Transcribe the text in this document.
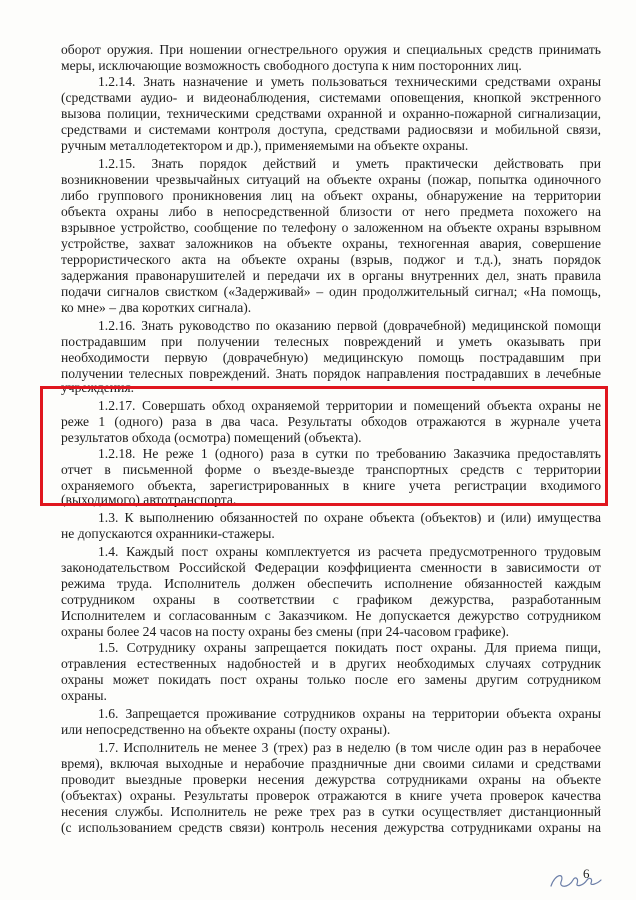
оборот оружия. При ношении огнестрельного оружия и специальных средств принимать
меры, исключающие возможность свободного доступа к ним посторонних лиц.
1.2.14. Знать назначение и уметь пользоваться техническими средствами охраны
(средствами аудио- и видеонаблюдения, системами оповещения, кнопкой экстренного
вызова полиции, техническими средствами охранной и охранно-пожарной сигнализации,
средствами и системами контроля доступа, средствами радиосвязи и мобильной связи,
ручным металлодетектором и др.), применяемыми на объекте охраны.
1.2.15. Знать порядок действий и уметь практически действовать при
возникновении чрезвычайных ситуаций на объекте охраны (пожар, попытка одиночного
либо группового проникновения лиц на объект охраны, обнаружение на территории
объекта охраны либо в непосредственной близости от него предмета похожего на
взрывное устройство, сообщение по телефону о заложенном на объекте охраны взрывном
устройстве, захват заложников на объекте охраны, техногенная авария, совершение
террористического акта на объекте охраны (взрыв, поджог и т.д.), знать порядок
задержания правонарушителей и передачи их в органы внутренних дел, знать правила
подачи сигналов свистком («Задерживай» – один продолжительный сигнал; «На помощь,
ко мне» – два коротких сигнала).
1.2.16. Знать руководство по оказанию первой (доврачебной) медицинской помощи
пострадавшим при получении телесных повреждений и уметь оказывать при
необходимости первую (доврачебную) медицинскую помощь пострадавшим при
получении телесных повреждений. Знать порядок направления пострадавших в лечебные
учреждения.
1.2.17. Совершать обход охраняемой территории и помещений объекта охраны не
реже 1 (одного) раза в два часа. Результаты обходов отражаются в журнале учета
результатов обхода (осмотра) помещений (объекта).
1.2.18. Не реже 1 (одного) раза в сутки по требованию Заказчика предоставлять
отчет в письменной форме о въезде-выезде транспортных средств с территории
охраняемого объекта, зарегистрированных в книге учета регистрации входимого
(выходимого) автотранспорта.
1.3. К выполнению обязанностей по охране объекта (объектов) и (или) имущества
не допускаются охранники-стажеры.
1.4. Каждый пост охраны комплектуется из расчета предусмотренного трудовым
законодательством Российской Федерации коэффициента сменности в зависимости от
режима труда. Исполнитель должен обеспечить исполнение обязанностей каждым
сотрудником охраны в соответствии с графиком дежурства, разработанным
Исполнителем и согласованным с Заказчиком. Не допускается дежурство сотрудником
охраны более 24 часов на посту охраны без смены (при 24-часовом графике).
1.5. Сотруднику охраны запрещается покидать пост охраны. Для приема пищи,
отравления естественных надобностей и в других необходимых случаях сотрудник
охраны может покидать пост охраны только после его замены другим сотрудником
охраны.
1.6. Запрещается проживание сотрудников охраны на территории объекта охраны
или непосредственно на объекте охраны (посту охраны).
1.7. Исполнитель не менее 3 (трех) раз в неделю (в том числе один раз в нерабочее
время), включая выходные и нерабочие праздничные дни своими силами и средствами
проводит выездные проверки несения дежурства сотрудниками охраны на объекте
(объектах) охраны. Результаты проверок отражаются в книге учета проверок качества
несения службы. Исполнитель не реже трех раз в сутки осуществляет дистанционный
(с использованием средств связи) контроль несения дежурства сотрудниками охраны на
6
